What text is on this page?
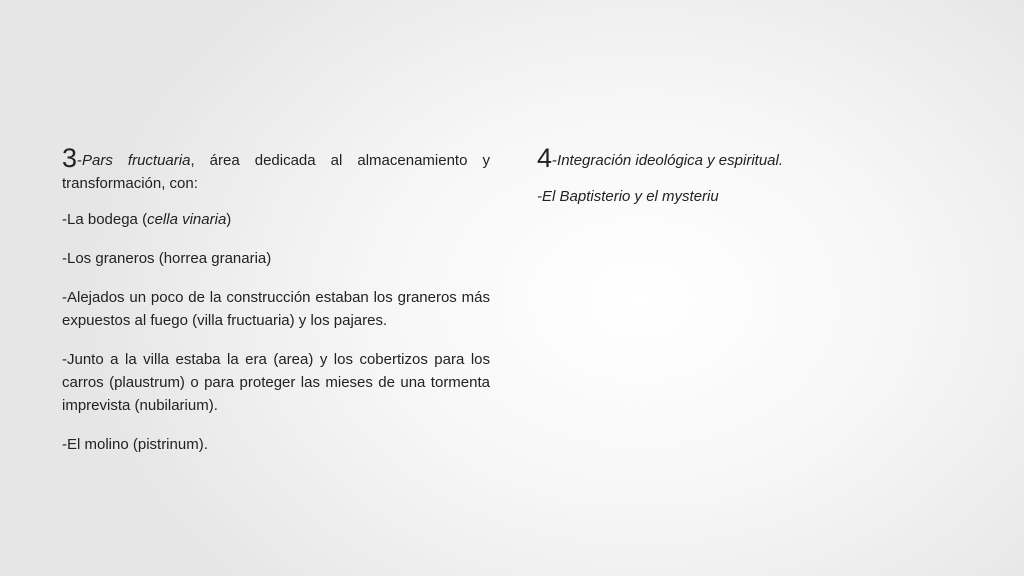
3-Pars fructuaria, área dedicada al almacenamiento y transformación, con:

-La bodega (cella vinaria)

-Los graneros (horrea granaria)

-Alejados un poco de la construcción estaban los graneros más expuestos al fuego (villa fructuaria) y los pajares.

-Junto a la villa estaba la era (area) y los cobertizos para los carros (plaustrum) o para proteger las mieses de una tormenta imprevista (nubilarium).

-El molino (pistrinum).

4-Integración ideológica y espiritual.

-El Baptisterio y el mysteriu
